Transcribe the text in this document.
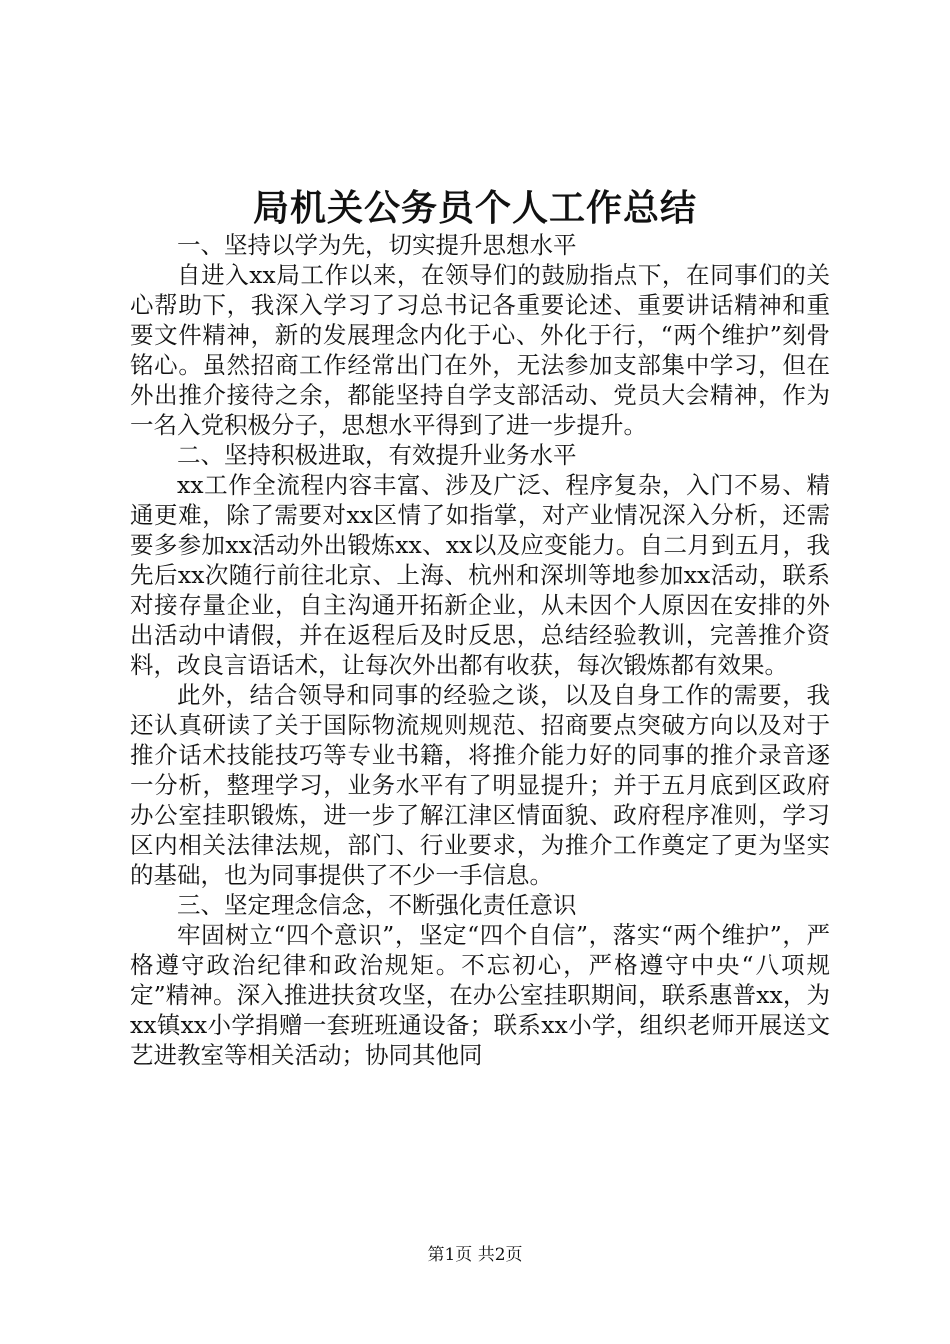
局机关公务员个人工作总结

一、坚持以学为先，切实提升思想水平

自进入xx局工作以来，在领导们的鼓励指点下，在同事们的关心帮助下，我深入学习了习总书记各重要论述、重要讲话精神和重要文件精神，新的发展理念内化于心、外化于行，“两个维护”刻骨铭心。虽然招商工作经常出门在外，无法参加支部集中学习，但在外出推介接待之余，都能坚持自学支部活动、党员大会精神，作为一名入党积极分子，思想水平得到了进一步提升。

二、坚持积极进取，有效提升业务水平

xx工作全流程内容丰富、涉及广泛、程序复杂，入门不易、精通更难，除了需要对xx区情了如指掌，对产业情况深入分析，还需要多参加xx活动外出锻炼xx、xx以及应变能力。自二月到五月，我先后xx次随行前往北京、上海、杭州和深圳等地参加xx活动，联系对接存量企业，自主沟通开拓新企业，从未因个人原因在安排的外出活动中请假，并在返程后及时反思，总结经验教训，完善推介资料，改良言语话术，让每次外出都有收获，每次锻炼都有效果。

此外，结合领导和同事的经验之谈，以及自身工作的需要，我还认真研读了关于国际物流规则规范、招商要点突破方向以及对于推介话术技能技巧等专业书籍，将推介能力好的同事的推介录音逐一分析，整理学习，业务水平有了明显提升；并于五月底到区政府办公室挂职锻炼，进一步了解江津区情面貌、政府程序准则，学习区内相关法律法规，部门、行业要求，为推介工作奠定了更为坚实的基础，也为同事提供了不少一手信息。

三、坚定理念信念，不断强化责任意识

牢固树立“四个意识”，坚定“四个自信”，落实“两个维护”，严格遵守政治纪律和政治规矩。不忘初心，严格遵守中央“八项规定”精神。深入推进扶贫攻坚，在办公室挂职期间，联系惠普xx，为xx镇xx小学捐赠一套班班通设备；联系xx小学，组织老师开展送文艺进教室等相关活动；协同其他同

第1页 共2页
